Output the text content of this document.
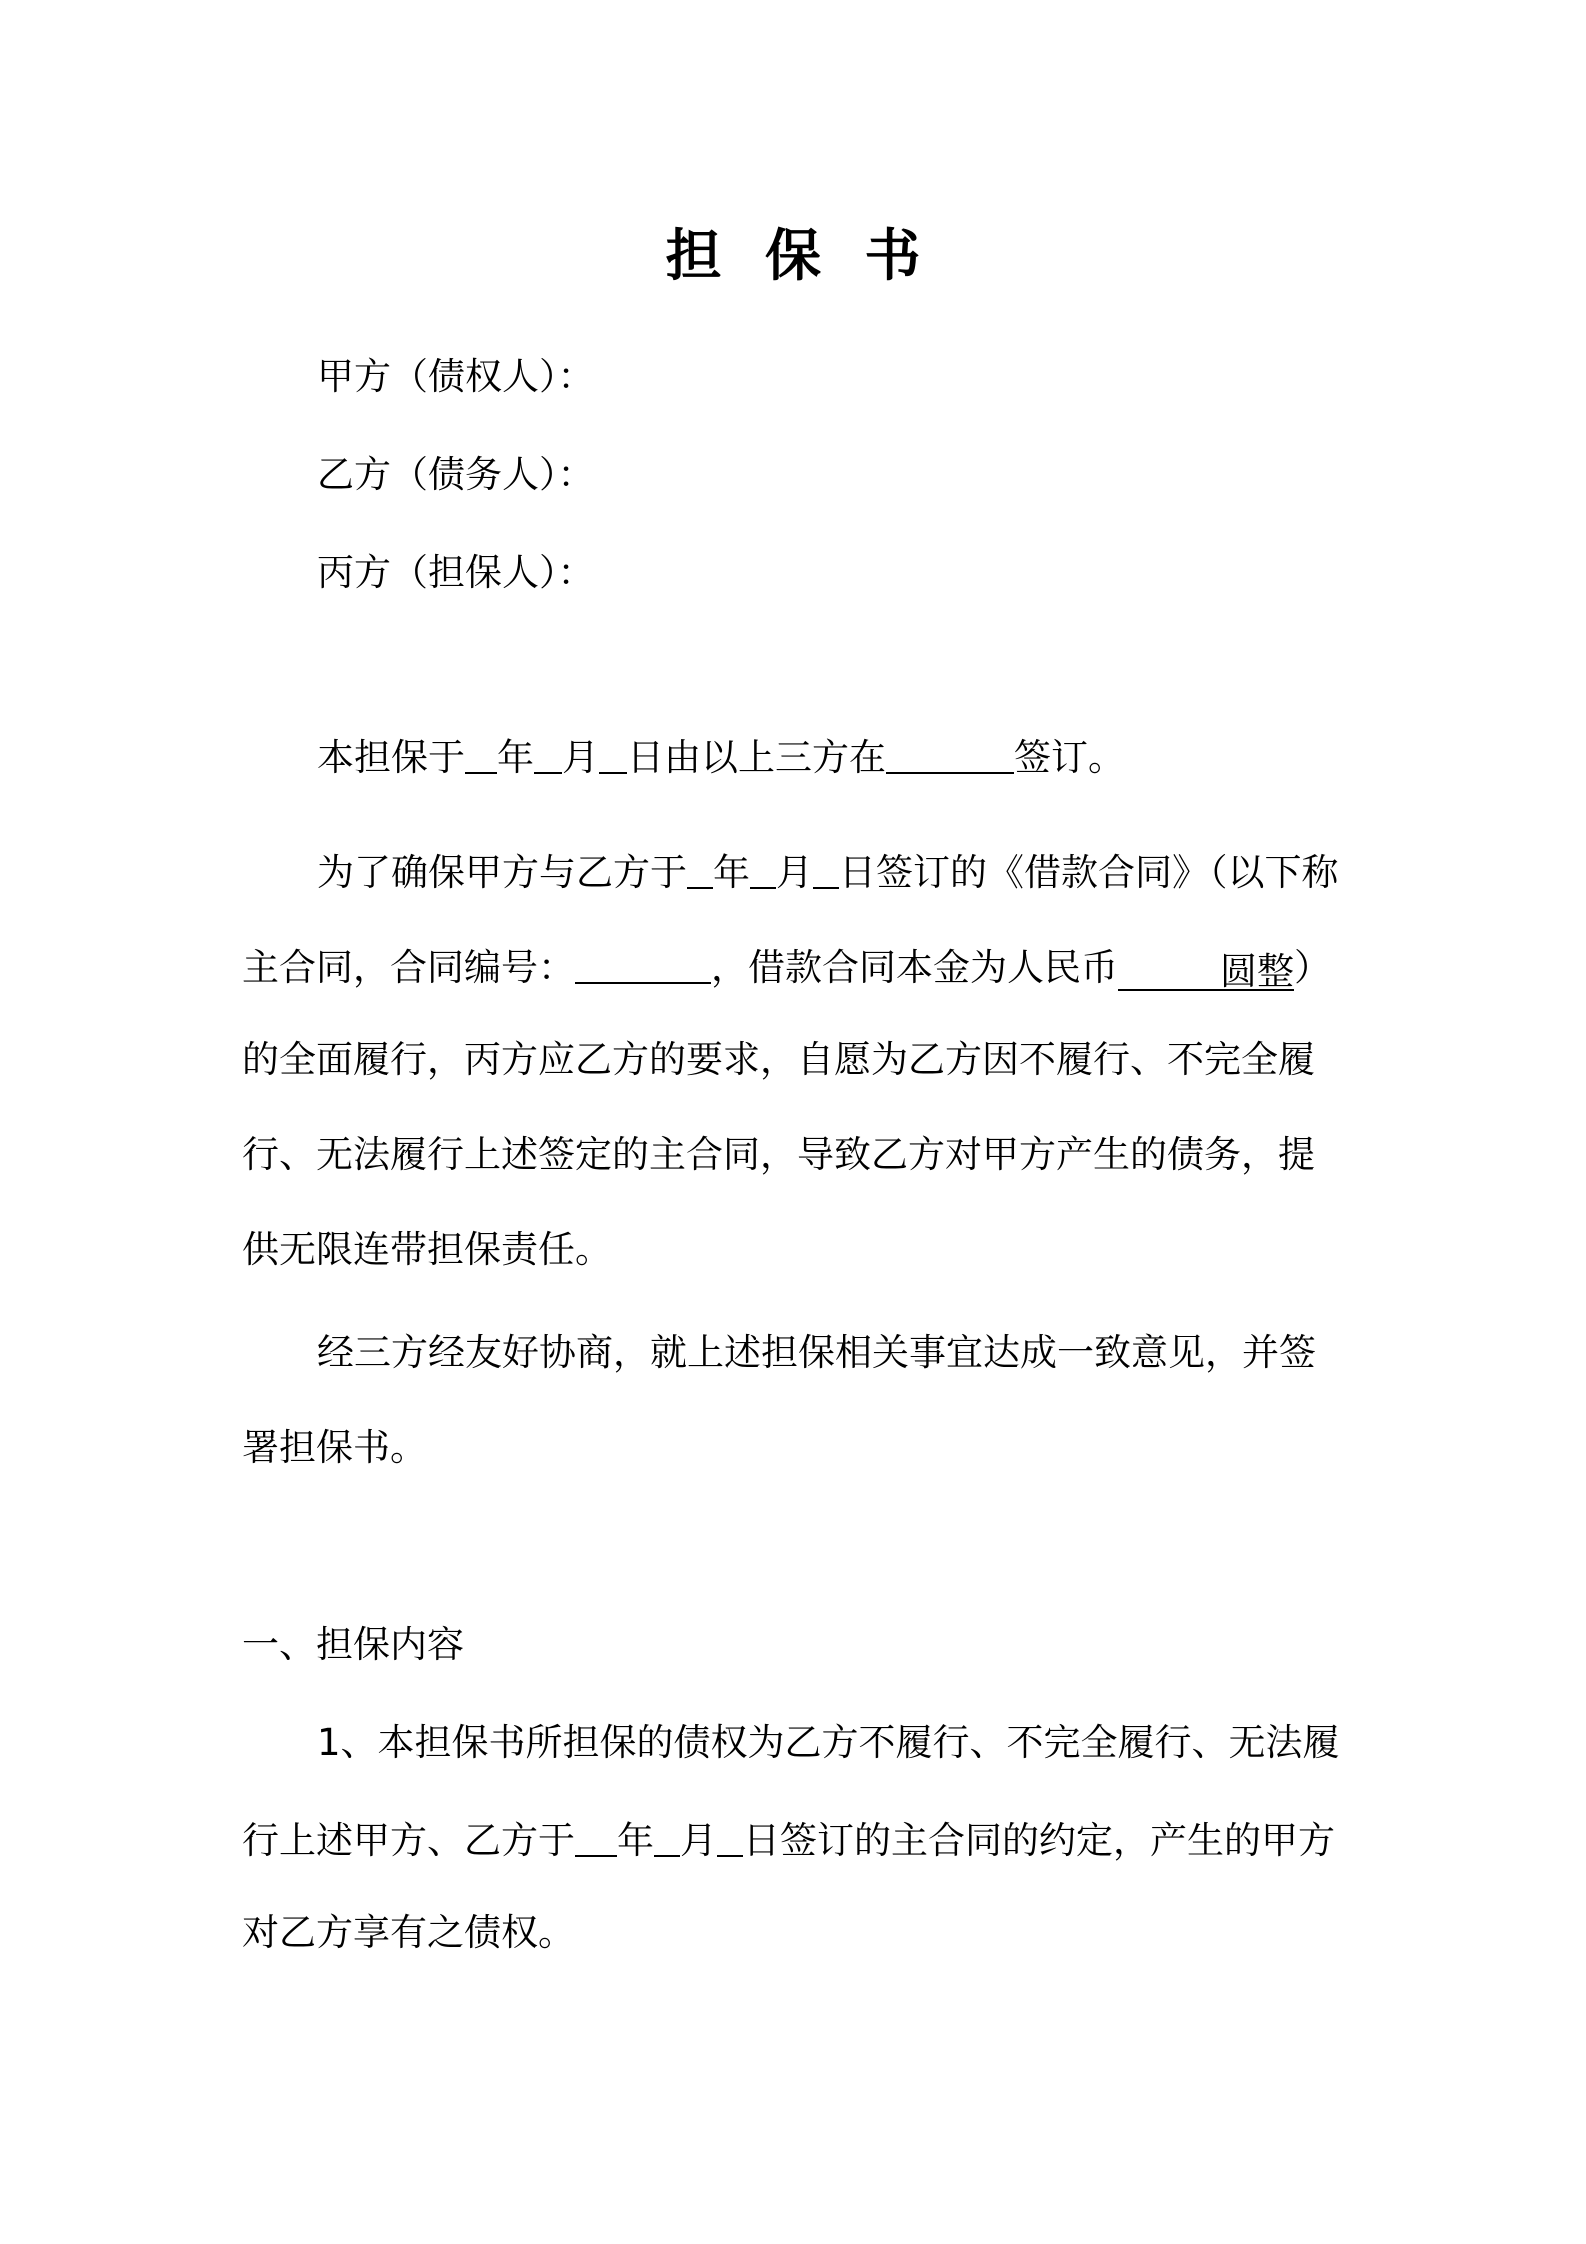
担 保 书
甲方（债权人）：
乙方（债务人）：
丙方（担保人）：
本担保于 年 月 日由以上三方在	签订。
为了确保甲方与乙方于 年 月 日签订的《借款合同》（以下称
主合同，合同编号：	，借款合同本金为人民币	圆整）
的全面履行，丙方应乙方的要求，自愿为乙方因不履行、不完全履
行、无法履行上述签定的主合同，导致乙方对甲方产生的债务，提
供无限连带担保责任。
经三方经友好协商，就上述担保相关事宜达成一致意见，并签
署担保书。
一、担保内容
1、本担保书所担保的债权为乙方不履行、不完全履行、无法履
行上述甲方、乙方于 年 月 日签订的主合同的约定，产生的甲方
对乙方享有之债权。
